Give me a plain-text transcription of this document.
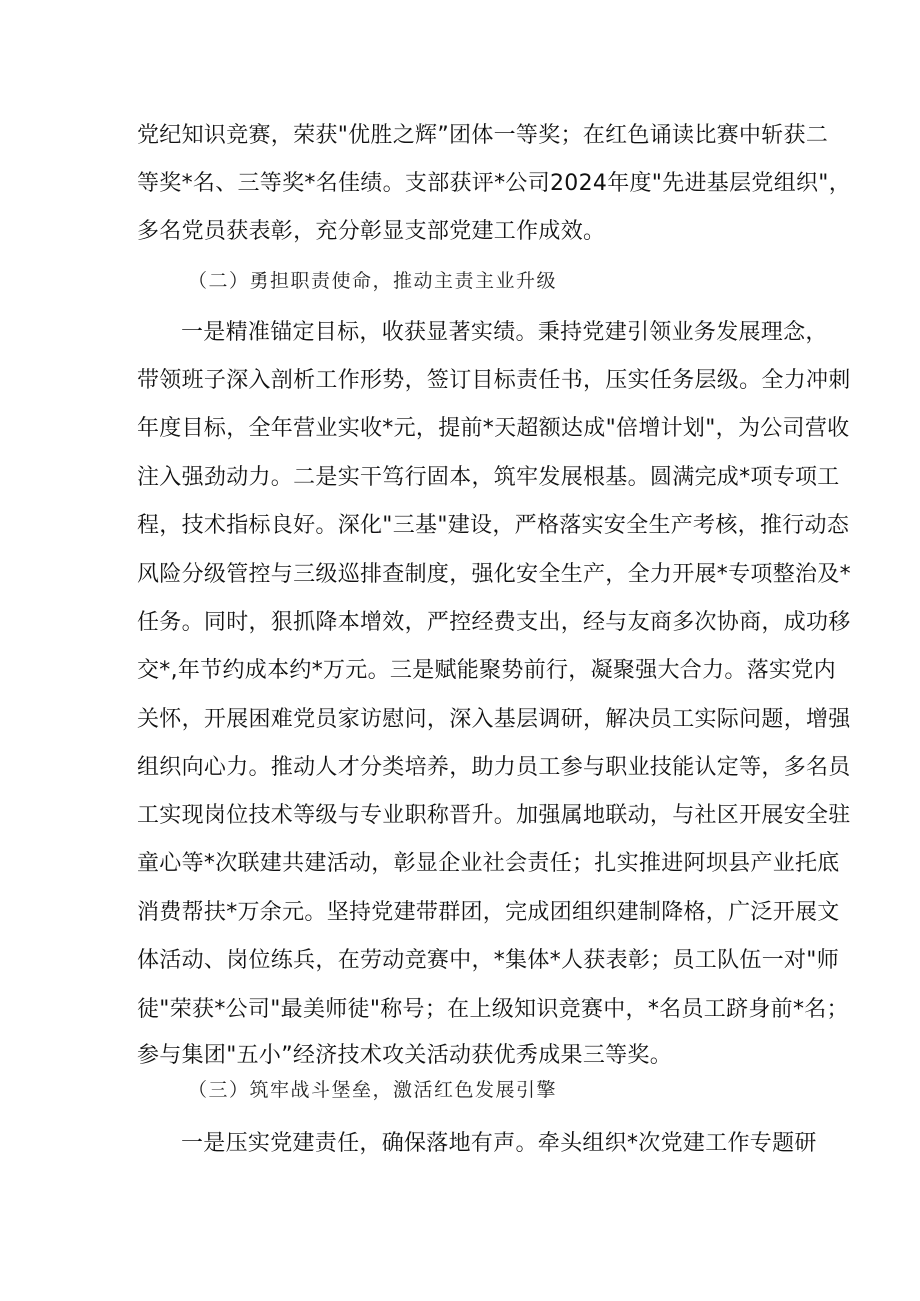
党纪知识竞赛，荣获"优胜之辉”团体一等奖；在红色诵读比赛中斩获二
等奖*名、三等奖*名佳绩。支部获评*公司2024年度"先进基层党组织"，
多名党员获表彰，充分彰显支部党建工作成效。
（二）勇担职责使命，推动主责主业升级
一是精准锚定目标，收获显著实绩。秉持党建引领业务发展理念，
带领班子深入剖析工作形势，签订目标责任书，压实任务层级。全力冲刺
年度目标，全年营业实收*元，提前*天超额达成"倍增计划"，为公司营收
注入强劲动力。二是实干笃行固本，筑牢发展根基。圆满完成*项专项工
程，技术指标良好。深化"三基"建设，严格落实安全生产考核，推行动态
风险分级管控与三级巡排查制度，强化安全生产，全力开展*专项整治及*
任务。同时，狠抓降本增效，严控经费支出，经与友商多次协商，成功移
交*,年节约成本约*万元。三是赋能聚势前行，凝聚强大合力。落实党内
关怀，开展困难党员家访慰问，深入基层调研，解决员工实际问题，增强
组织向心力。推动人才分类培养，助力员工参与职业技能认定等，多名员
工实现岗位技术等级与专业职称晋升。加强属地联动，与社区开展安全驻
童心等*次联建共建活动，彰显企业社会责任；扎实推进阿坝县产业托底
消费帮扶*万余元。坚持党建带群团，完成团组织建制降格，广泛开展文
体活动、岗位练兵，在劳动竞赛中，*集体*人获表彰；员工队伍一对"师
徒"荣获*公司"最美师徒"称号；在上级知识竞赛中，*名员工跻身前*名；
参与集团"五小”经济技术攻关活动获优秀成果三等奖。
（三）筑牢战斗堡垒，激活红色发展引擎
一是压实党建责任，确保落地有声。牵头组织*次党建工作专题研
